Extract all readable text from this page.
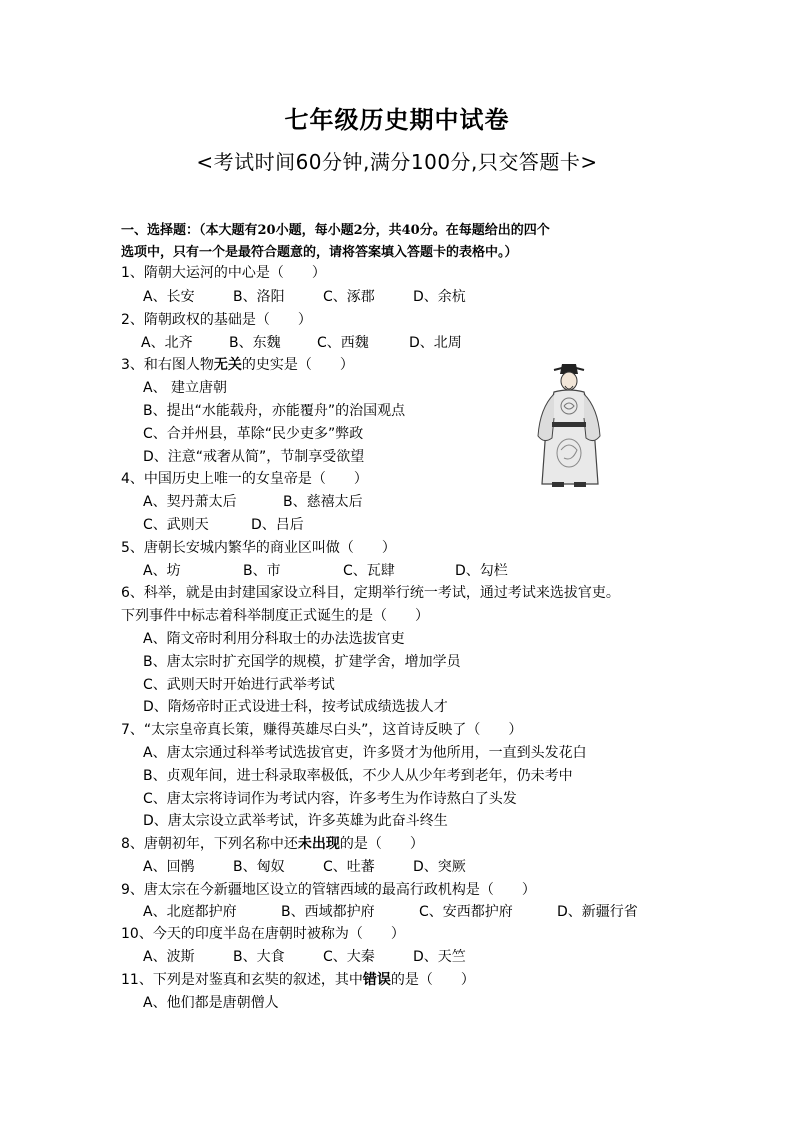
七年级历史期中试卷
<考试时间60分钟,满分100分,只交答题卡>
一、选择题：（本大题有20小题，每小题2分，共40分。在每题给出的四个
选项中，只有一个是最符合题意的，请将答案填入答题卡的表格中。）
1、隋朝大运河的中心是（　　）
A、长安	B、洛阳	C、涿郡	D、余杭
2、隋朝政权的基础是（　　）
A、北齐	B、东魏	C、西魏	D、北周
3、和右图人物无关的史实是（　　）
A、 建立唐朝
B、提出“水能载舟，亦能覆舟”的治国观点
C、合并州县，革除“民少吏多”弊政
D、注意“戒奢从简”，节制享受欲望
4、中国历史上唯一的女皇帝是（　　）
A、契丹萧太后	B、慈禧太后
C、武则天	D、吕后
5、唐朝长安城内繁华的商业区叫做（　　）
A、坊	B、市	C、瓦肆	D、勾栏
6、科举，就是由封建国家设立科目，定期举行统一考试，通过考试来选拔官吏。
下列事件中标志着科举制度正式诞生的是（　　）
A、隋文帝时利用分科取士的办法选拔官吏
B、唐太宗时扩充国学的规模，扩建学舍，增加学员
C、武则天时开始进行武举考试
D、隋炀帝时正式设进士科，按考试成绩选拔人才
7、“太宗皇帝真长策，赚得英雄尽白头”，这首诗反映了（　　）
A、唐太宗通过科举考试选拔官吏，许多贤才为他所用，一直到头发花白
B、贞观年间，进士科录取率极低，不少人从少年考到老年，仍未考中
C、唐太宗将诗词作为考试内容，许多考生为作诗熬白了头发
D、唐太宗设立武举考试，许多英雄为此奋斗终生
8、唐朝初年，下列名称中还未出现的是（　　）
A、回鹘	B、匈奴	C、吐蕃	D、突厥
9、唐太宗在今新疆地区设立的管辖西域的最高行政机构是（　　）
A、北庭都护府	B、西域都护府	C、安西都护府	D、新疆行省
10、今天的印度半岛在唐朝时被称为（　　）
A、波斯	B、大食	C、大秦	D、天竺
11、下列是对鉴真和玄奘的叙述，其中错误的是（　　）
A、他们都是唐朝僧人
